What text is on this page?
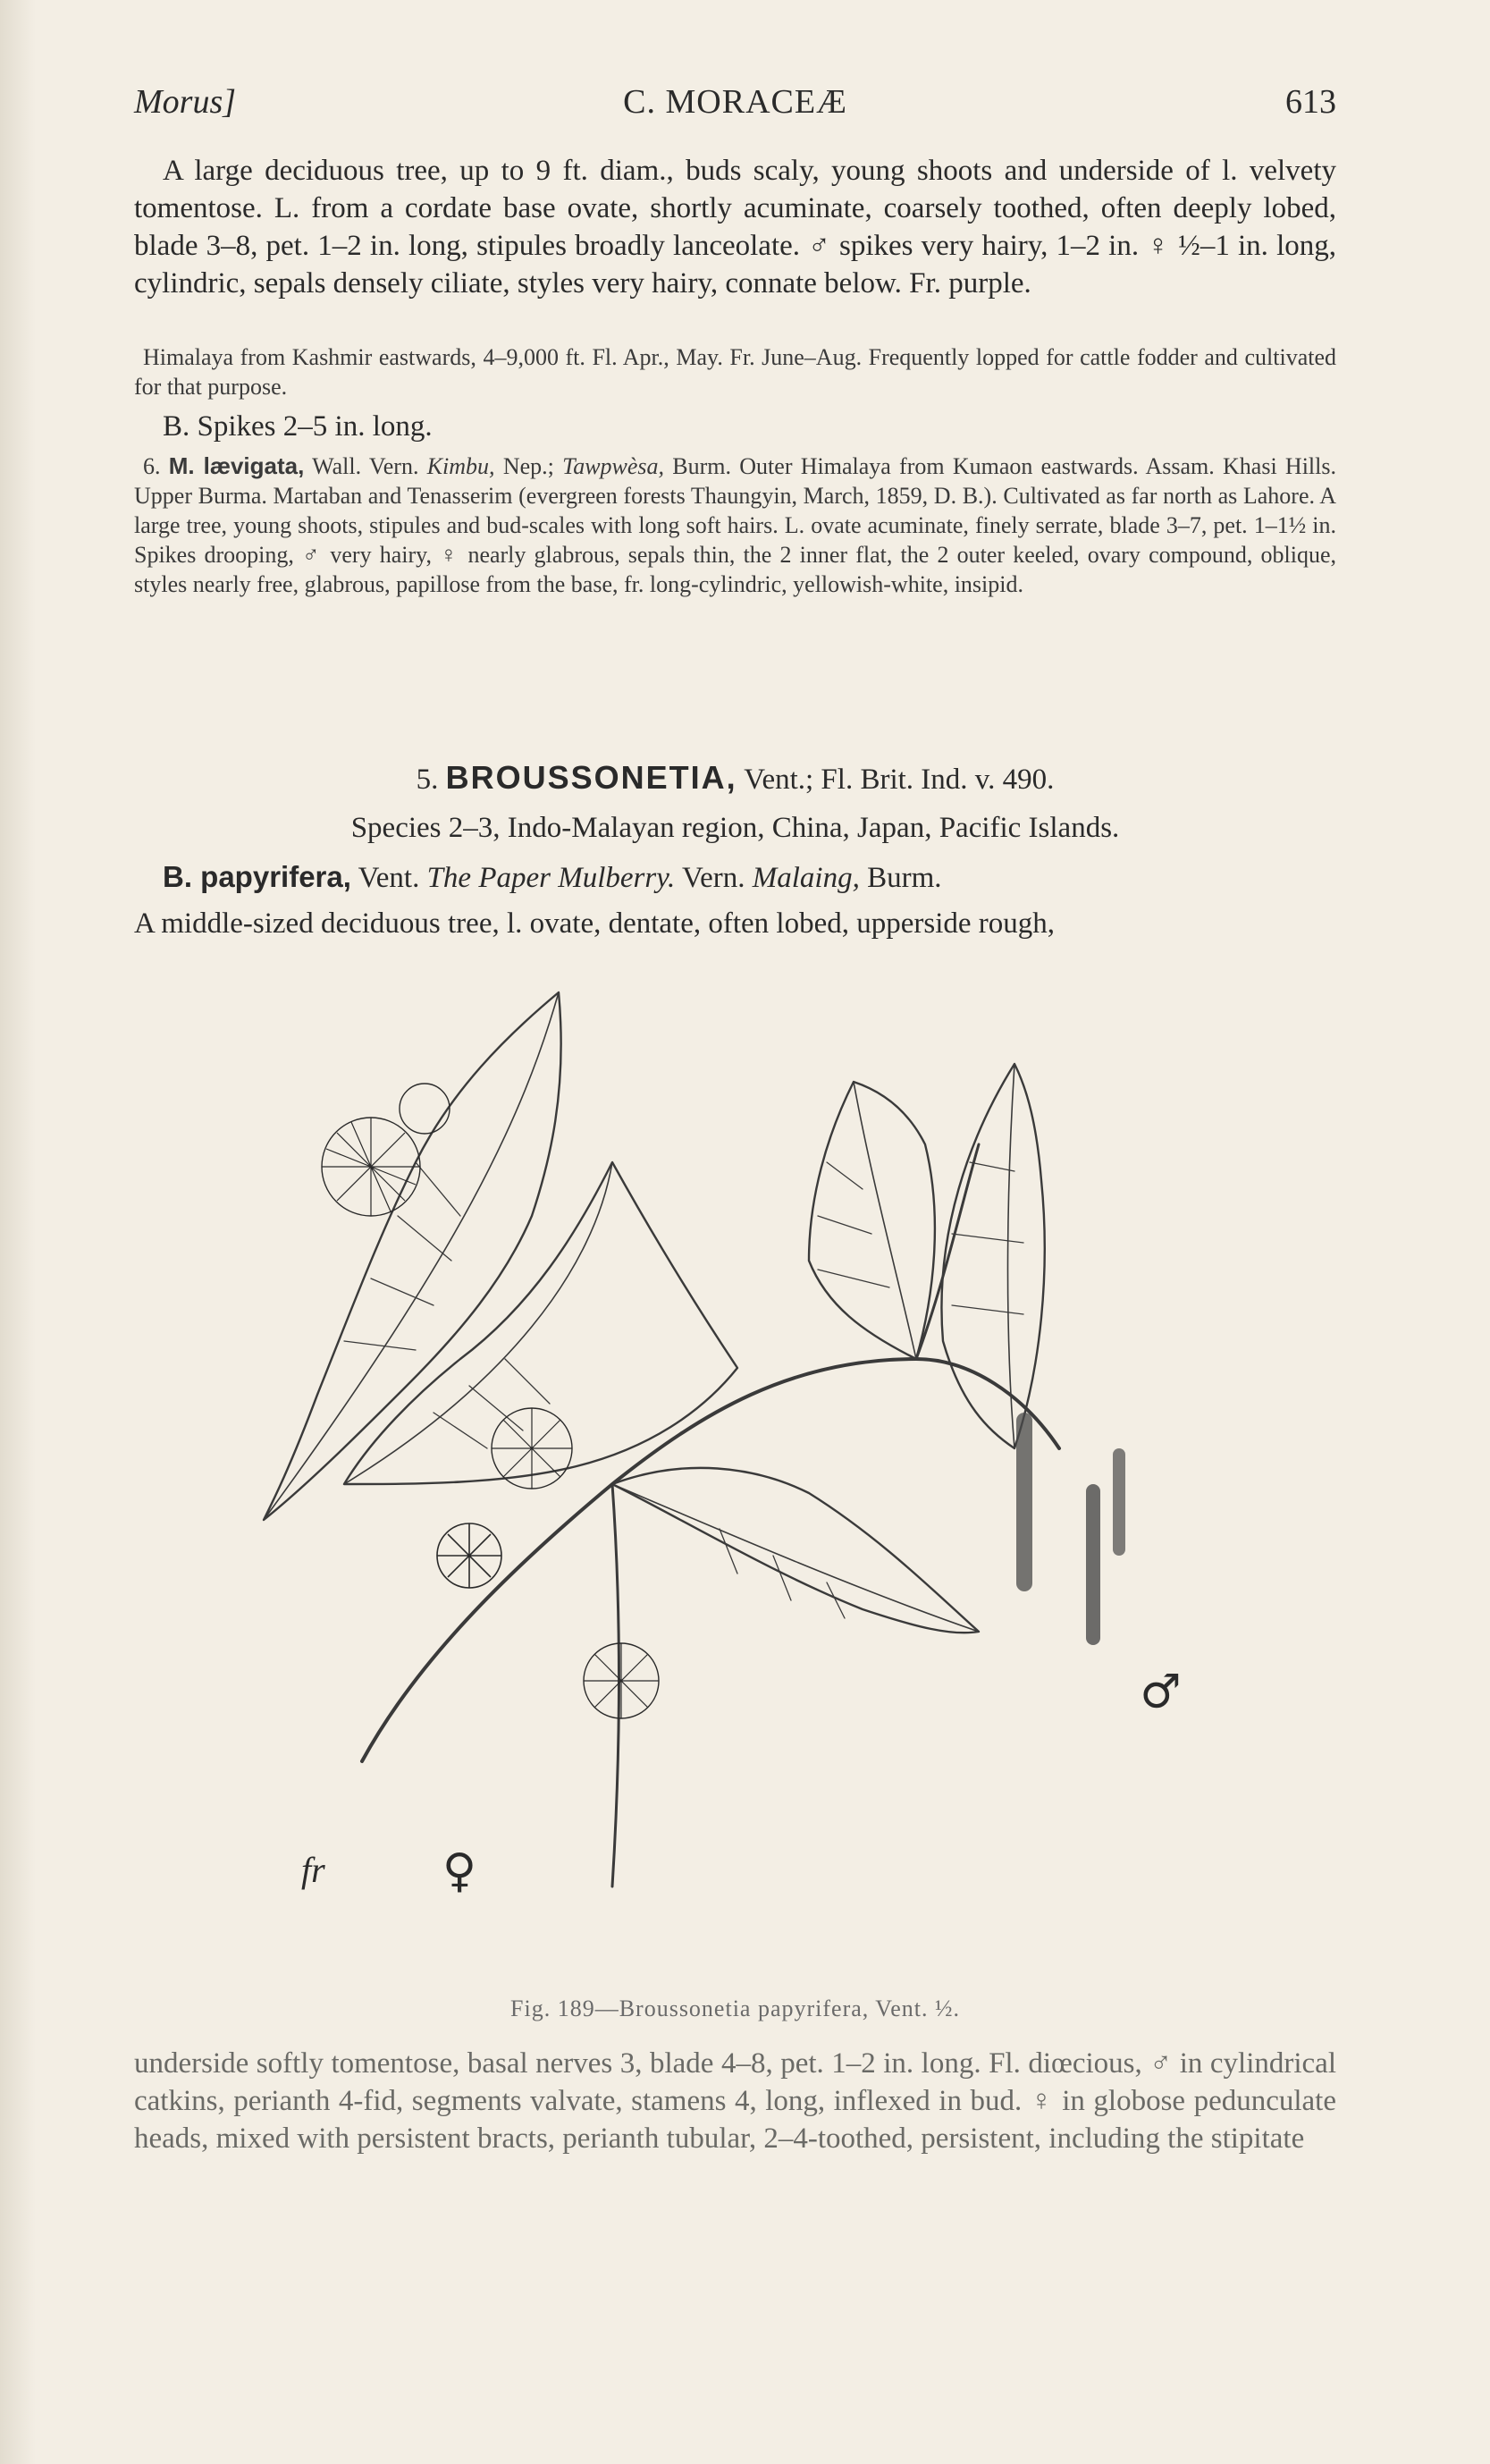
Morus]	C. MORACEÆ	613

A large deciduous tree, up to 9 ft. diam., buds scaly, young shoots and underside of l. velvety tomentose. L. from a cordate base ovate, shortly acuminate, coarsely toothed, often deeply lobed, blade 3–8, pet. 1–2 in. long, stipules broadly lanceolate. ♂ spikes very hairy, 1–2 in. ♀ ½–1 in. long, cylindric, sepals densely ciliate, styles very hairy, connate below. Fr. purple.

Himalaya from Kashmir eastwards, 4–9,000 ft. Fl. Apr., May. Fr. June–Aug. Frequently lopped for cattle fodder and cultivated for that purpose.

B. Spikes 2–5 in. long.

6. M. lævigata, Wall. Vern. Kimbu, Nep.; Tawpwèsa, Burm. Outer Himalaya from Kumaon eastwards. Assam. Khasi Hills. Upper Burma. Martaban and Tenasserim (evergreen forests Thaungyin, March, 1859, D. B.). Cultivated as far north as Lahore. A large tree, young shoots, stipules and bud-scales with long soft hairs. L. ovate acuminate, finely serrate, blade 3–7, pet. 1–1½ in. Spikes drooping, ♂ very hairy, ♀ nearly glabrous, sepals thin, the 2 inner flat, the 2 outer keeled, ovary compound, oblique, styles nearly free, glabrous, papillose from the base, fr. long-cylindric, yellowish-white, insipid.

5. BROUSSONETIA, Vent.; Fl. Brit. Ind. v. 490.

Species 2–3, Indo-Malayan region, China, Japan, Pacific Islands.

B. papyrifera, Vent. The Paper Mulberry. Vern. Malaing, Burm.

A middle-sized deciduous tree, l. ovate, dentate, often lobed, upperside rough,

fr	♀
♂
Fig. 189—Broussonetia papyrifera, Vent. ½.

underside softly tomentose, basal nerves 3, blade 4–8, pet. 1–2 in. long. Fl. diœcious, ♂ in cylindrical catkins, perianth 4-fid, segments valvate, stamens 4, long, inflexed in bud. ♀ in globose pedunculate heads, mixed with persistent bracts, perianth tubular, 2–4-toothed, persistent, including the stipitate
